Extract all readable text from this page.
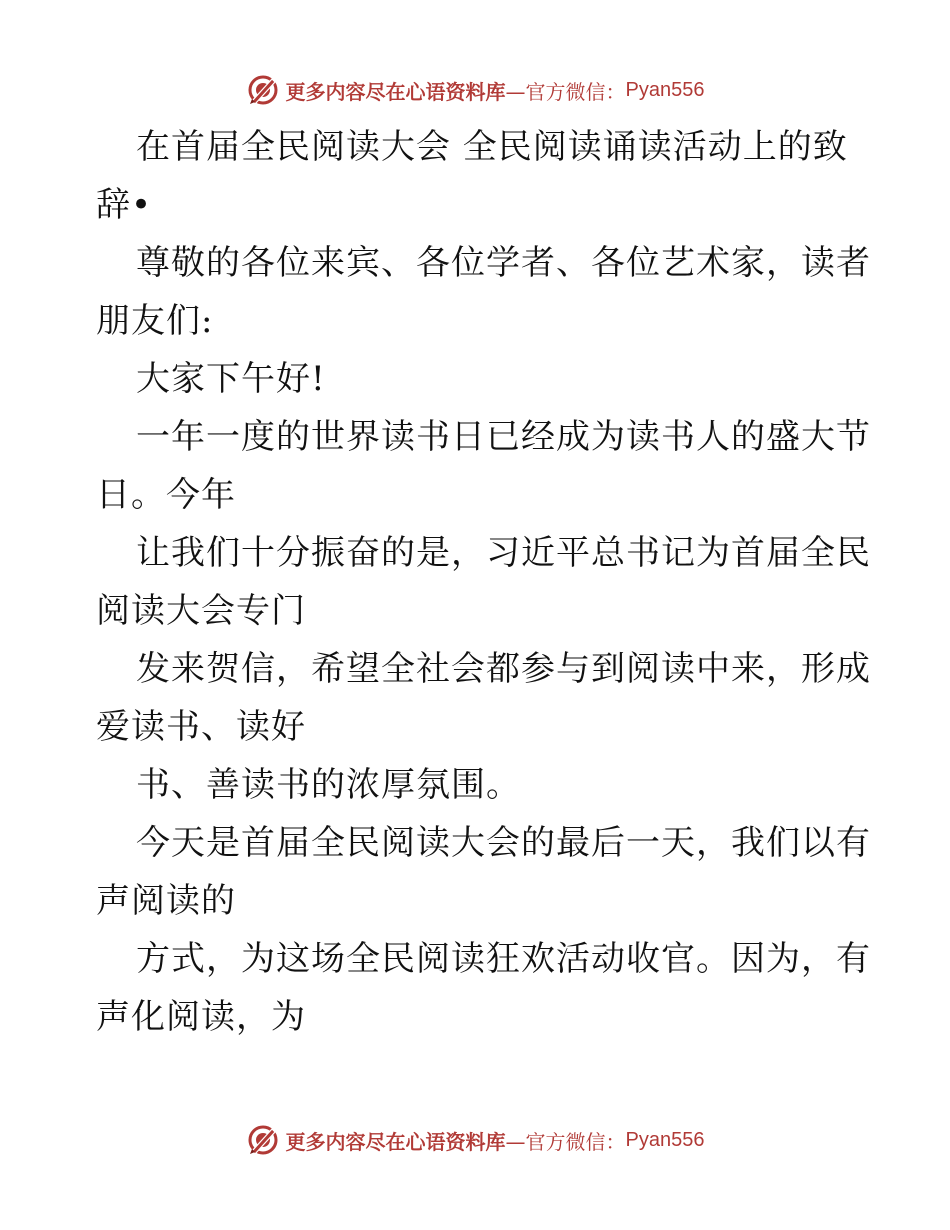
更多内容尽在心语资料库 —官方微信： Pyan556
在首届全民阅读大会 全民阅读诵读活动上的致
辞•
尊敬的各位来宾、各位学者、各位艺术家，读者
朋友们:
大家下午好!
一年一度的世界读书日已经成为读书人的盛大节
日。今年
让我们十分振奋的是，习近平总书记为首届全民
阅读大会专门
发来贺信，希望全社会都参与到阅读中来，形成
爱读书、读好
书、善读书的浓厚氛围。
今天是首届全民阅读大会的最后一天，我们以有
声阅读的
方式，为这场全民阅读狂欢活动收官。因为，有
声化阅读，为
更多内容尽在心语资料库 —官方微信： Pyan556
